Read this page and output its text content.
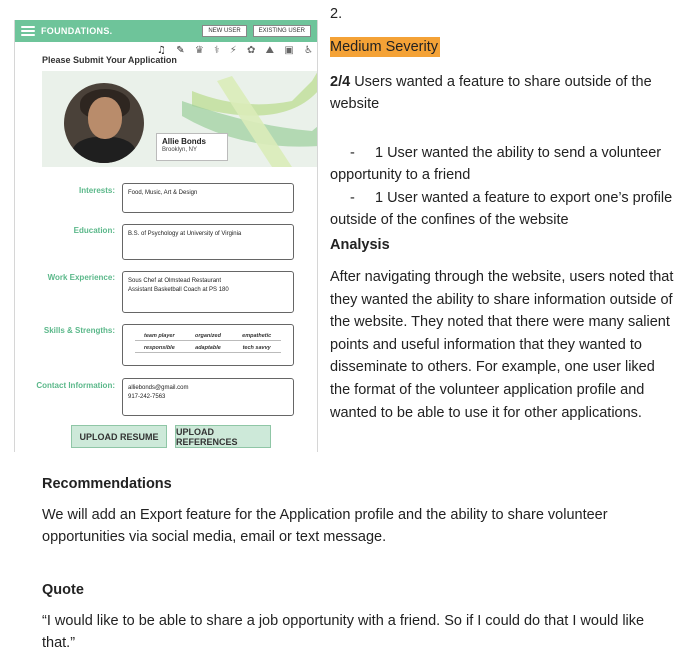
FOUNDATIONS.	NEW USER	EXISTING USER
♫ ✎ ♛ ⚕ ⚡ ✿ ⛰ ▣ ♿
Please Submit Your Application
Allie Bonds
Brooklyn, NY
Interests: Food, Music, Art & Design
Education: B.S. of Psychology at University of Virginia
Work Experience: Sous Chef at Olmstead Restaurant
Assistant Basketball Coach at PS 180
Skills & Strengths:
team player	organized	empathetic
responsible	adaptable	tech savvy
Contact Information: alliebonds@gmail.com
917-242-7563
UPLOAD RESUME	UPLOAD REFERENCES
2.
Medium Severity
2/4 Users wanted a feature to share outside of the website
-     1 User wanted the ability to send a volunteer opportunity to a friend
-     1 User wanted a feature to export one’s profile outside of the confines of the website
Analysis
After navigating through the website, users noted that they wanted the ability to share information outside of the website. They noted that there were many salient points and useful information that they wanted to disseminate to others. For example, one user liked the format of the volunteer application profile and wanted to be able to use it for other applications.
Recommendations
We will add an Export feature for the Application profile and the ability to share volunteer opportunities via social media, email or text message.
Quote
“I would like to be able to share a job opportunity with a friend. So if I could do that I would like that.”
